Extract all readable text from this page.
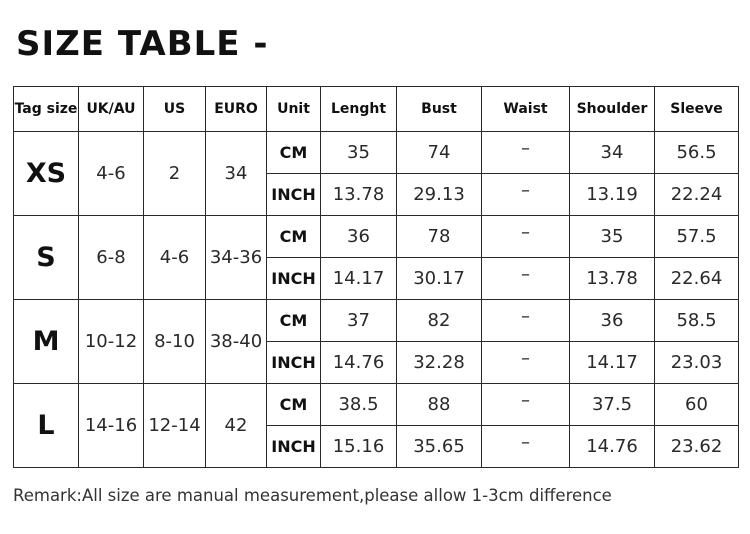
SIZE TABLE -
Tag size	UK/AU	US	EURO	Unit	Lenght	Bust	Waist	Shoulder	Sleeve
XS	4-6	2	34	CM	35	74	–	34	56.5
				INCH	13.78	29.13	–	13.19	22.24
S	6-8	4-6	34-36	CM	36	78	–	35	57.5
				INCH	14.17	30.17	–	13.78	22.64
M	10-12	8-10	38-40	CM	37	82	–	36	58.5
				INCH	14.76	32.28	–	14.17	23.03
L	14-16	12-14	42	CM	38.5	88	–	37.5	60
				INCH	15.16	35.65	–	14.76	23.62

Remark:All size are manual measurement,please allow 1-3cm difference
